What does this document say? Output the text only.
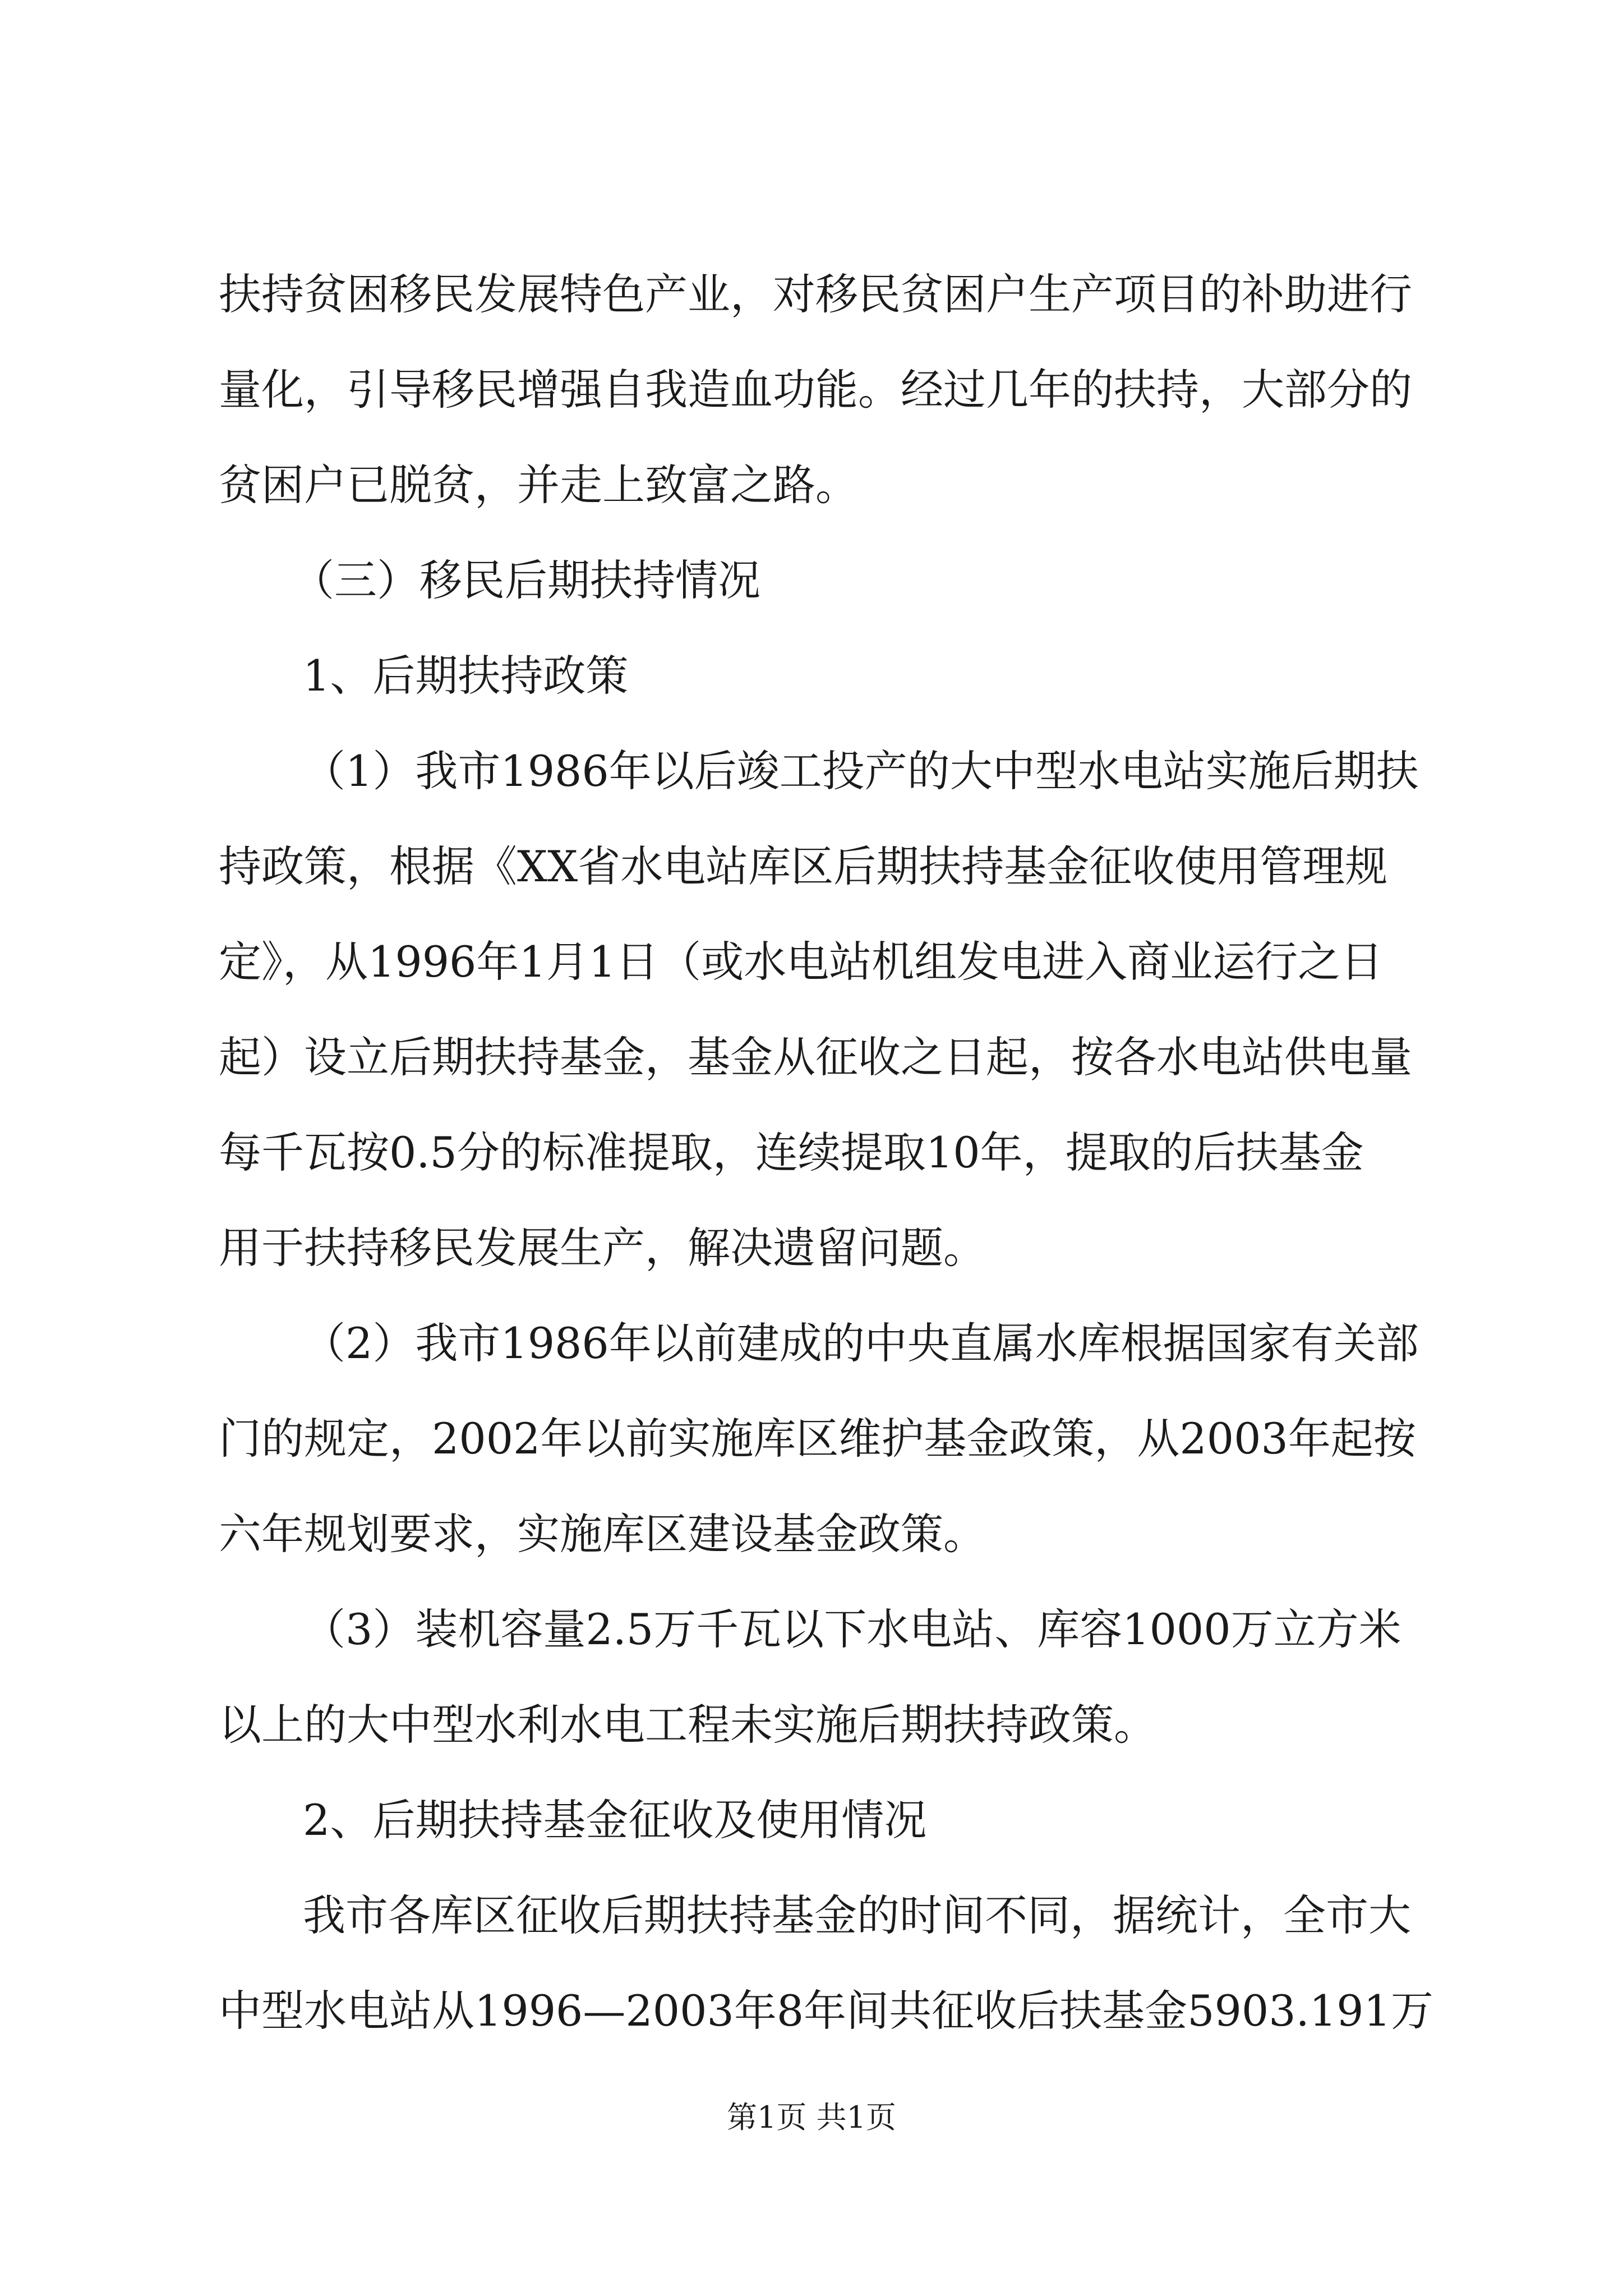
扶持贫困移民发展特色产业，对移民贫困户生产项目的补助进行
量化，引导移民增强自我造血功能。经过几年的扶持，大部分的
贫困户已脱贫，并走上致富之路。
（三）移民后期扶持情况
1、后期扶持政策
（1）我市1986年以后竣工投产的大中型水电站实施后期扶
持政策，根据《XX省水电站库区后期扶持基金征收使用管理规
定》，从1996年1月1日（或水电站机组发电进入商业运行之日
起）设立后期扶持基金，基金从征收之日起，按各水电站供电量
每千瓦按0.5分的标准提取，连续提取10年，提取的后扶基金
用于扶持移民发展生产，解决遗留问题。
（2）我市1986年以前建成的中央直属水库根据国家有关部
门的规定，2002年以前实施库区维护基金政策，从2003年起按
六年规划要求，实施库区建设基金政策。
（3）装机容量2.5万千瓦以下水电站、库容1000万立方米
以上的大中型水利水电工程未实施后期扶持政策。
2、后期扶持基金征收及使用情况
我市各库区征收后期扶持基金的时间不同，据统计，全市大
中型水电站从1996—2003年8年间共征收后扶基金5903.191万
第1页 共1页
